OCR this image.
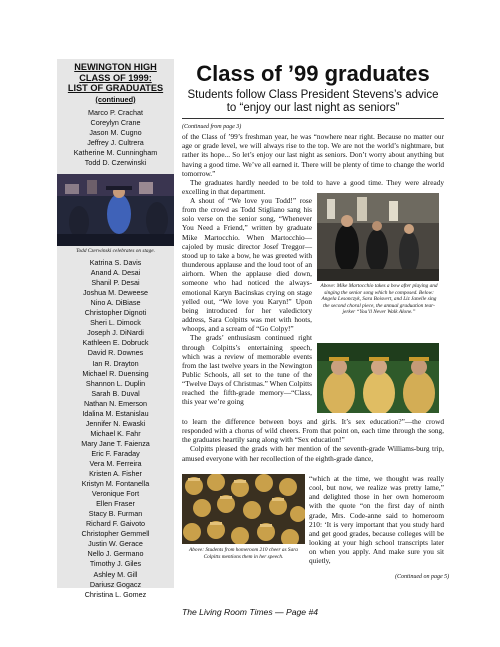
NEWINGTON HIGH
CLASS OF 1999:
LIST OF GRADUATES
(continued)
Marco P. Crachat
Coreylyn Crane
Jason M. Cugno
Jeffrey J. Cultrera
Katherine M. Cunningham
Todd D. Czerwinski
Todd Czerwinski celebrates on stage.
Katrina S. Davis
Anand A. Desai
Shanil P. Desai
Joshua M. Deweese
Nino A. DiBiase
Christopher Dignoti
Sheri L. Dimock
Joseph J. DiNardi
Kathleen E. Dobruck
David R. Downes
Ian R. Drayton
Michael R. Duensing
Shannon L. Duplin
Sarah B. Duval
Nathan N. Emerson
Idalina M. Estanislau
Jennifer N. Ewaski
Michael K. Fahr
Mary Jane T. Faienza
Eric F. Faraday
Vera M. Ferreira
Kristen A. Fisher
Kristyn M. Fontanella
Veronique Fort
Ellen Fraser
Stacy B. Furman
Richard F. Gaivoto
Christopher Gemmell
Justin W. Gerace
Nello J. Germano
Timothy J. Giles
Ashley M. Gill
Dariusz Gogacz
Christina L. Gomez
Class of ’99 graduates
Students follow Class President Stevens’s advice to “enjoy our last night as seniors”
(Continued from page 3)
of the Class of ’99’s freshman year, he was “nowhere near right. Because no matter our age or grade level, we will always rise to the top. We are not the world’s nightmare, but rather its hope... So let’s enjoy our last night as seniors. Don’t worry about anything but having a good time. We’ve all earned it. There will be plenty of time to change the world tomorrow.”
The graduates hardly needed to be told to have a good time. They were already excelling in that department.
A shout of “We love you Todd!” rose from the crowd as Todd Stigliano sang his solo verse on the senior song, “Whenever You Need a Friend,” written by graduate Mike Martocchio. When Martocchio—cajoled by music director Josef Treggor—stood up to take a bow, he was greeted with thunderous applause and the loud toot of an airhorn. When the applause died down, someone who had noticed the always-emotional Karyn Bacinskas crying on stage yelled out, “We love you Karyn!” Upon being introduced for her valedictory address, Sara Colpitts was met with hoots, whoops, and a scream of “Go Colpy!”
The grads’ enthusiasm continued right through Colpitts’s entertaining speech, which was a review of memorable events from the last twelve years in the Newington Public Schools, all set to the tune of the “Twelve Days of Christmas.” When Colpitts reached the fifth-grade memory—“Class, this year we’re going
Above: Mike Martocchio takes a bow after playing and singing the senior song which he composed. Below: Angela Lesonczyk, Sara Boisvert, and Liz Janelle sing the second choral piece, the annual graduation tear-jerker “You’ll Never Walk Alone.”
to learn the difference between boys and girls. It’s sex education?”—the crowd responded with a chorus of wild cheers. From that point on, each time through the song, the graduates heartily sang along with “Sex education!”
Colpitts pleased the grads with her mention of the seventh-grade Williams-burg trip, amused everyone with her recollection of the eighth-grade dance,
Above: Students from homeroom 210 cheer as Sara Colpitts mentions them in her speech.
“which at the time, we thought was really cool, but now, we realize was pretty lame,” and delighted those in her own homeroom with the quote “on the first day of ninth grade, Mrs. Code-anne said to homeroom 210: ‘It is very important that you study hard and get good grades, because colleges will be looking at your high school transcripts later on when you apply. And make sure you sit quietly,
(Continued on page 5)
The Living Room Times — Page #4
